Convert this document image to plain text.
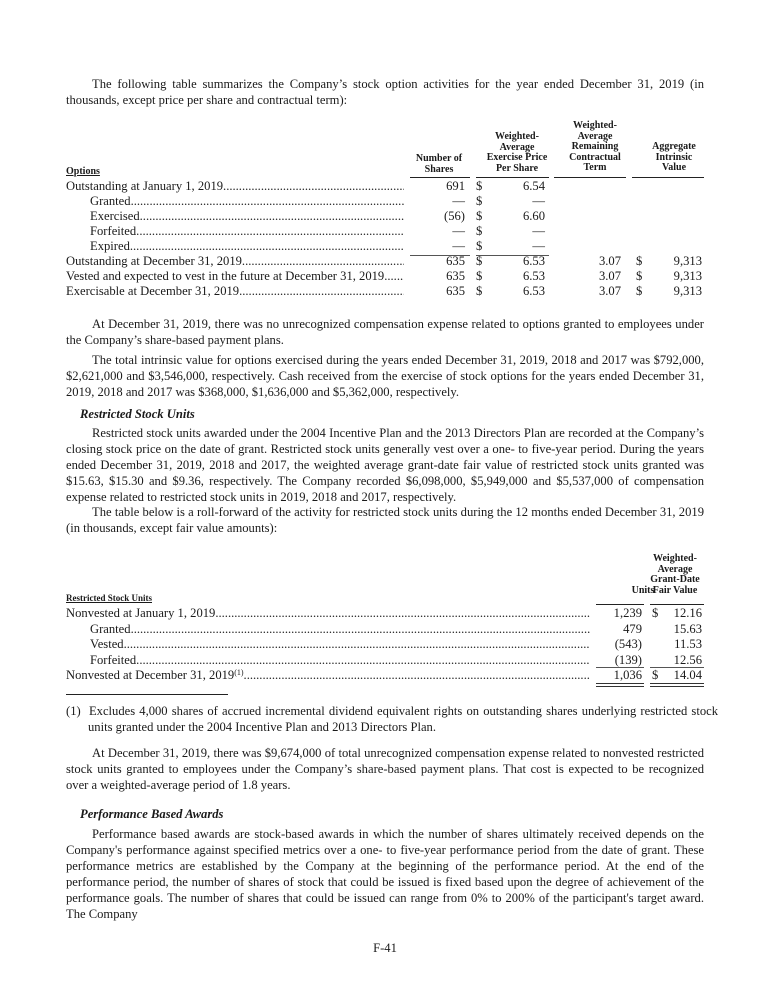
The following table summarizes the Company’s stock option activities for the year ended December 31, 2019 (in thousands, except price per share and contractual term):

Number of
Shares
Weighted-
Average
Exercise Price
Per Share
Weighted-
Average
Remaining
Contractual
Term
Aggregate
Intrinsic
Value
Options
Outstanding at January 1, 2019 .....	691 $	6.54
Granted .....	— $	—
Exercised .....	(56) $	6.60
Forfeited .....	— $	—
Expired .....	— $	—
Outstanding at December 31, 2019 .....	635 $	6.53	3.07 $	9,313
Vested and expected to vest in the future at December 31, 2019 .....	635 $	6.53	3.07 $	9,313
Exercisable at December 31, 2019 .....	635 $	6.53	3.07 $	9,313

At December 31, 2019, there was no unrecognized compensation expense related to options granted to employees under the Company’s share-based payment plans.

The total intrinsic value for options exercised during the years ended December 31, 2019, 2018 and 2017 was $792,000, $2,621,000 and $3,546,000, respectively. Cash received from the exercise of stock options for the years ended December 31, 2019, 2018 and 2017 was $368,000, $1,636,000 and $5,362,000, respectively.

Restricted Stock Units

Restricted stock units awarded under the 2004 Incentive Plan and the 2013 Directors Plan are recorded at the Company’s closing stock price on the date of grant. Restricted stock units generally vest over a one- to five-year period. During the years ended December 31, 2019, 2018 and 2017, the weighted average grant-date fair value of restricted stock units granted was $15.63, $15.30 and $9.36, respectively. The Company recorded $6,098,000, $5,949,000 and $5,537,000 of compensation expense related to restricted stock units in 2019, 2018 and 2017, respectively.

The table below is a roll-forward of the activity for restricted stock units during the 12 months ended December 31, 2019 (in thousands, except fair value amounts):

Units
Weighted-
Average
Grant-Date
Fair Value
Restricted Stock Units
Nonvested at January 1, 2019 .....	1,239 $	12.16
Granted .....	479	15.63
Vested .....	(543)	11.53
Forfeited .....	(139)	12.56
Nonvested at December 31, 2019$^{(1)}$ .....	1,036 $	14.04
(1) Excludes 4,000 shares of accrued incremental dividend equivalent rights on outstanding shares underlying restricted stock units granted under the 2004 Incentive Plan and 2013 Directors Plan.

At December 31, 2019, there was $9,674,000 of total unrecognized compensation expense related to nonvested restricted stock units granted to employees under the Company’s share-based payment plans. That cost is expected to be recognized over a weighted-average period of 1.8 years.

Performance Based Awards

Performance based awards are stock-based awards in which the number of shares ultimately received depends on the Company's performance against specified metrics over a one- to five-year performance period from the date of grant. These performance metrics are established by the Company at the beginning of the performance period. At the end of the performance period, the number of shares of stock that could be issued is fixed based upon the degree of achievement of the performance goals. The number of shares that could be issued can range from 0% to 200% of the participant's target award. The Company

F-41
